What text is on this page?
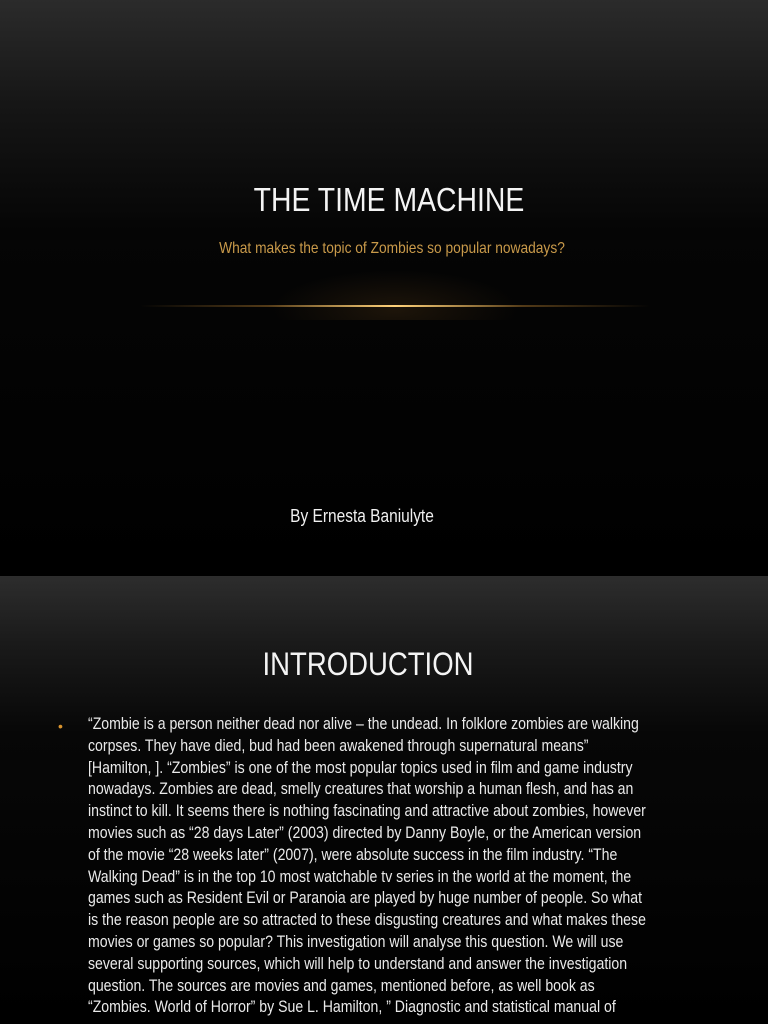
THE TIME MACHINE
What makes the topic of Zombies so popular nowadays?
By Ernesta Baniulyte
INTRODUCTION
• “Zombie is a person neither dead nor alive – the undead. In folklore zombies are walking
corpses. They have died, bud had been awakened through supernatural means”
[Hamilton, ]. “Zombies” is one of the most popular topics used in film and game industry
nowadays. Zombies are dead, smelly creatures that worship a human flesh, and has an
instinct to kill. It seems there is nothing fascinating and attractive about zombies, however
movies such as “28 days Later” (2003) directed by Danny Boyle, or the American version
of the movie “28 weeks later” (2007), were absolute success in the film industry. “The
Walking Dead” is in the top 10 most watchable tv series in the world at the moment, the
games such as Resident Evil or Paranoia are played by huge number of people. So what
is the reason people are so attracted to these disgusting creatures and what makes these
movies or games so popular? This investigation will analyse this question. We will use
several supporting sources, which will help to understand and answer the investigation
question. The sources are movies and games, mentioned before, as well book as
“Zombies. World of Horror” by Sue L. Hamilton, ” Diagnostic and statistical manual of
